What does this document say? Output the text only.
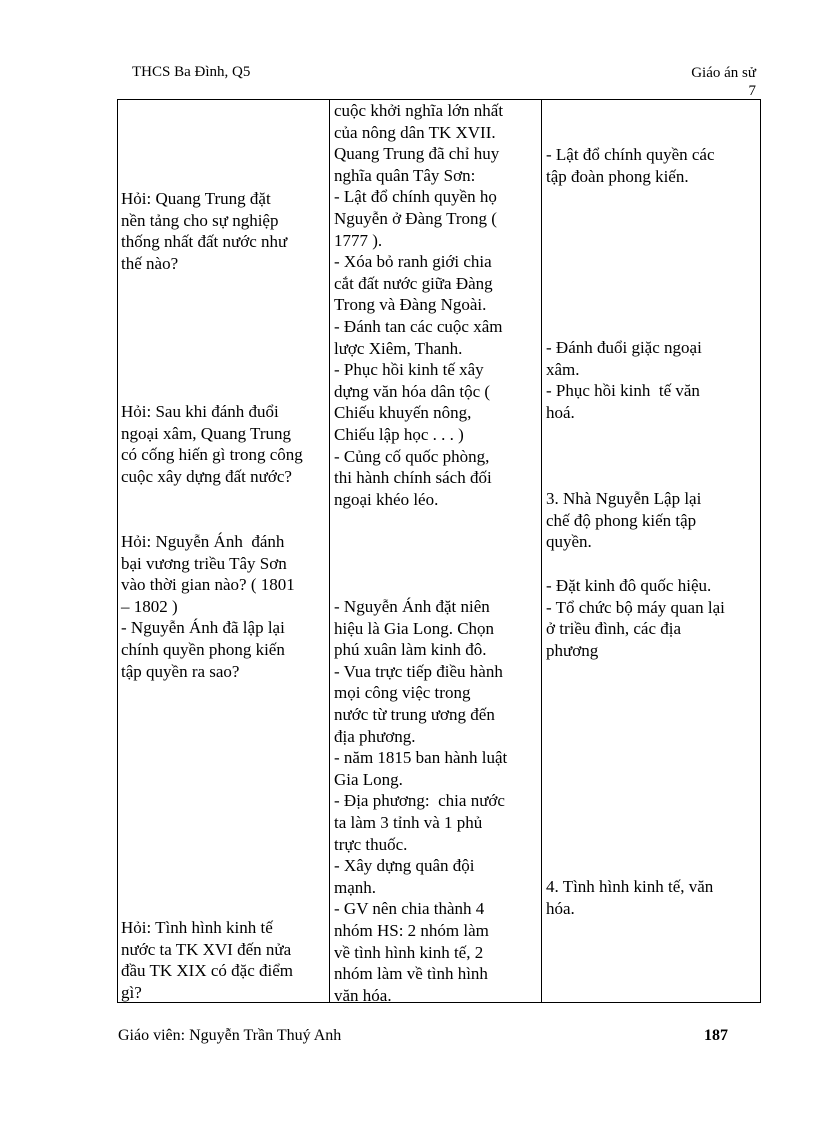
THCS Ba Đình, Q5	Giáo án sử
7
Hỏi: Quang Trung đặt
nền tảng cho sự nghiệp
thống nhất đất nước như
thế nào?
Hỏi: Sau khi đánh đuổi
ngoại xâm, Quang Trung
có cống hiến gì trong công
cuộc xây dựng đất nước?
Hỏi: Nguyễn Ánh  đánh
bại vương triều Tây Sơn
vào thời gian nào? ( 1801
– 1802 )
- Nguyễn Ánh đã lập lại
chính quyền phong kiến
tập quyền ra sao?
Hỏi: Tình hình kinh tế
nước ta TK XVI đến nửa
đầu TK XIX có đặc điểm
gì?
cuộc khởi nghĩa lớn nhất
của nông dân TK XVII.
Quang Trung đã chỉ huy
nghĩa quân Tây Sơn:
- Lật đổ chính quyền họ
Nguyễn ở Đàng Trong (
1777 ).
- Xóa bỏ ranh giới chia
cắt đất nước giữa Đàng
Trong và Đàng Ngoài.
- Đánh tan các cuộc xâm
lược Xiêm, Thanh.
- Phục hồi kinh tế xây
dựng văn hóa dân tộc (
Chiếu khuyến nông,
Chiếu lập học . . . )
- Củng cố quốc phòng,
thi hành chính sách đối
ngoại khéo léo.
- Nguyễn Ánh đặt niên
hiệu là Gia Long. Chọn
phú xuân làm kinh đô.
- Vua trực tiếp điều hành
mọi công việc trong
nước từ trung ương đến
địa phương.
- năm 1815 ban hành luật
Gia Long.
- Địa phương:  chia nước
ta làm 3 tỉnh và 1 phủ
trực thuốc.
- Xây dựng quân đội
mạnh.
- GV nên chia thành 4
nhóm HS: 2 nhóm làm
về tình hình kinh tế, 2
nhóm làm về tình hình
văn hóa.
- Lật đổ chính quyền các
tập đoàn phong kiến.
- Đánh đuổi giặc ngoại
xâm.
- Phục hồi kinh  tế văn
hoá.
3. Nhà Nguyễn Lập lại
chế độ phong kiến tập
quyền.
- Đặt kinh đô quốc hiệu.
- Tổ chức bộ máy quan lại
ở triều đình, các địa
phương
4. Tình hình kinh tế, văn
hóa.
Giáo viên: Nguyễn Trần Thuý Anh	187
